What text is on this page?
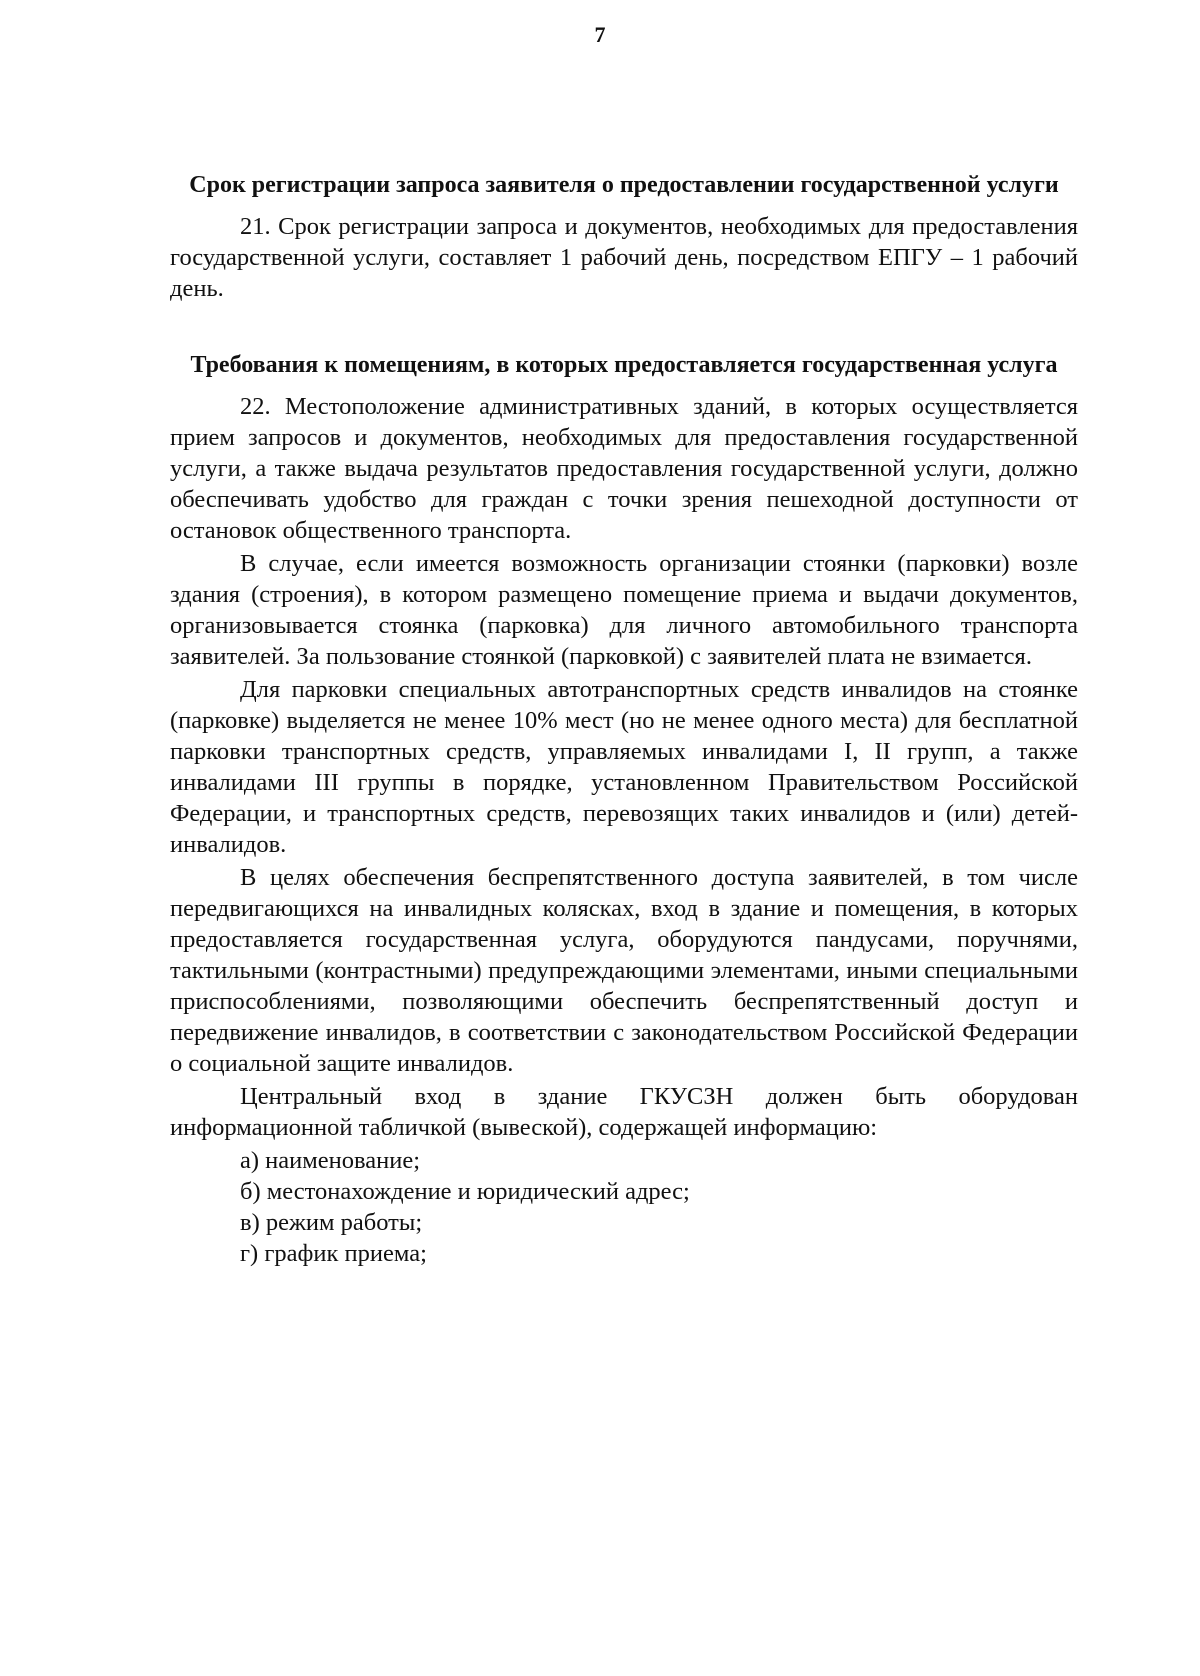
7
Срок регистрации запроса заявителя о предоставлении государственной услуги

21. Срок регистрации запроса и документов, необходимых для предоставления государственной услуги, составляет 1 рабочий день, посредством ЕПГУ – 1 рабочий день.

Требования к помещениям, в которых предоставляется государственная услуга

22. Местоположение административных зданий, в которых осуществляется прием запросов и документов, необходимых для предоставления государственной услуги, а также выдача результатов предоставления государственной услуги, должно обеспечивать удобство для граждан с точки зрения пешеходной доступности от остановок общественного транспорта.

В случае, если имеется возможность организации стоянки (парковки) возле здания (строения), в котором размещено помещение приема и выдачи документов, организовывается стоянка (парковка) для личного автомобильного транспорта заявителей. За пользование стоянкой (парковкой) с заявителей плата не взимается.

Для парковки специальных автотранспортных средств инвалидов на стоянке (парковке) выделяется не менее 10% мест (но не менее одного места) для бесплатной парковки транспортных средств, управляемых инвалидами I, II групп, а также инвалидами III группы в порядке, установленном Правительством Российской Федерации, и транспортных средств, перевозящих таких инвалидов и (или) детей-инвалидов.

В целях обеспечения беспрепятственного доступа заявителей, в том числе передвигающихся на инвалидных колясках, вход в здание и помещения, в которых предоставляется государственная услуга, оборудуются пандусами, поручнями, тактильными (контрастными) предупреждающими элементами, иными специальными приспособлениями, позволяющими обеспечить беспрепятственный доступ и передвижение инвалидов, в соответствии с законодательством Российской Федерации о социальной защите инвалидов.

Центральный вход в здание ГКУСЗН должен быть оборудован информационной табличкой (вывеской), содержащей информацию:

а) наименование;

б) местонахождение и юридический адрес;

в) режим работы;

г) график приема;
